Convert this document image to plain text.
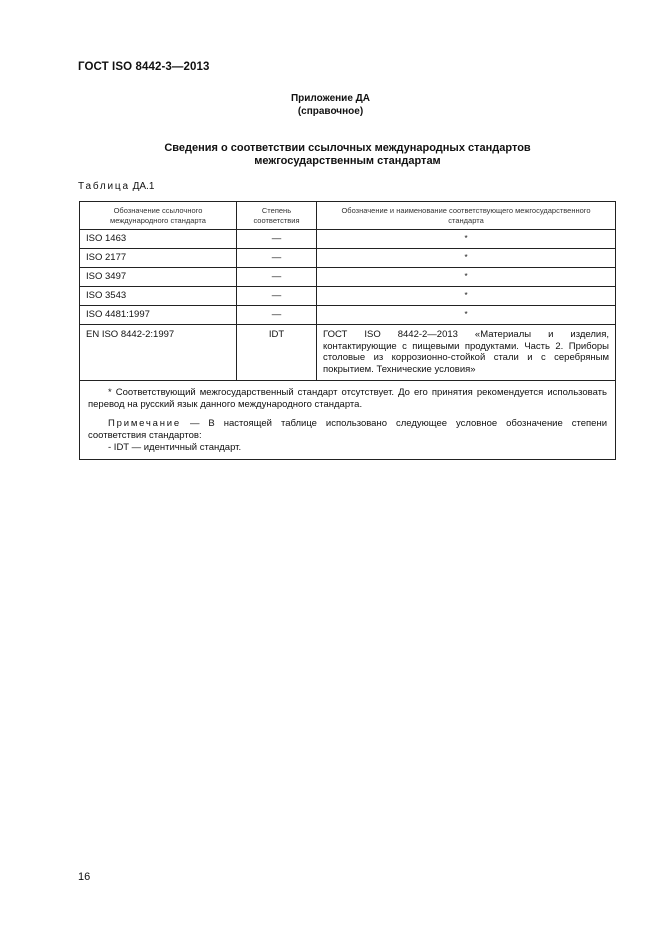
ГОСТ ISO 8442-3—2013
Приложение ДА
(справочное)
Сведения о соответствии ссылочных международных стандартов
межгосударственным стандартам
Таблица ДА.1
Обозначение ссылочного международного стандарта	Степень соответствия	Обозначение и наименование соответствующего межгосударственного стандарта
ISO 1463	—	*
ISO 2177	—	*
ISO 3497	—	*
ISO 3543	—	*
ISO 4481:1997	—	*
EN ISO 8442-2:1997	IDT	ГОСТ ISO 8442-2—2013 «Материалы и изделия, контактирующие с пищевыми продуктами. Часть 2. Приборы столовые из коррозионно-стойкой стали и с серебряным покрытием. Технические условия»

* Соответствующий межгосударственный стандарт отсутствует. До его принятия рекомендуется использовать перевод на русский язык данного международного стандарта.

Примечание — В настоящей таблице использовано следующее условное обозначение степени соответствия стандартов:

- IDT — идентичный стандарт.		

16
